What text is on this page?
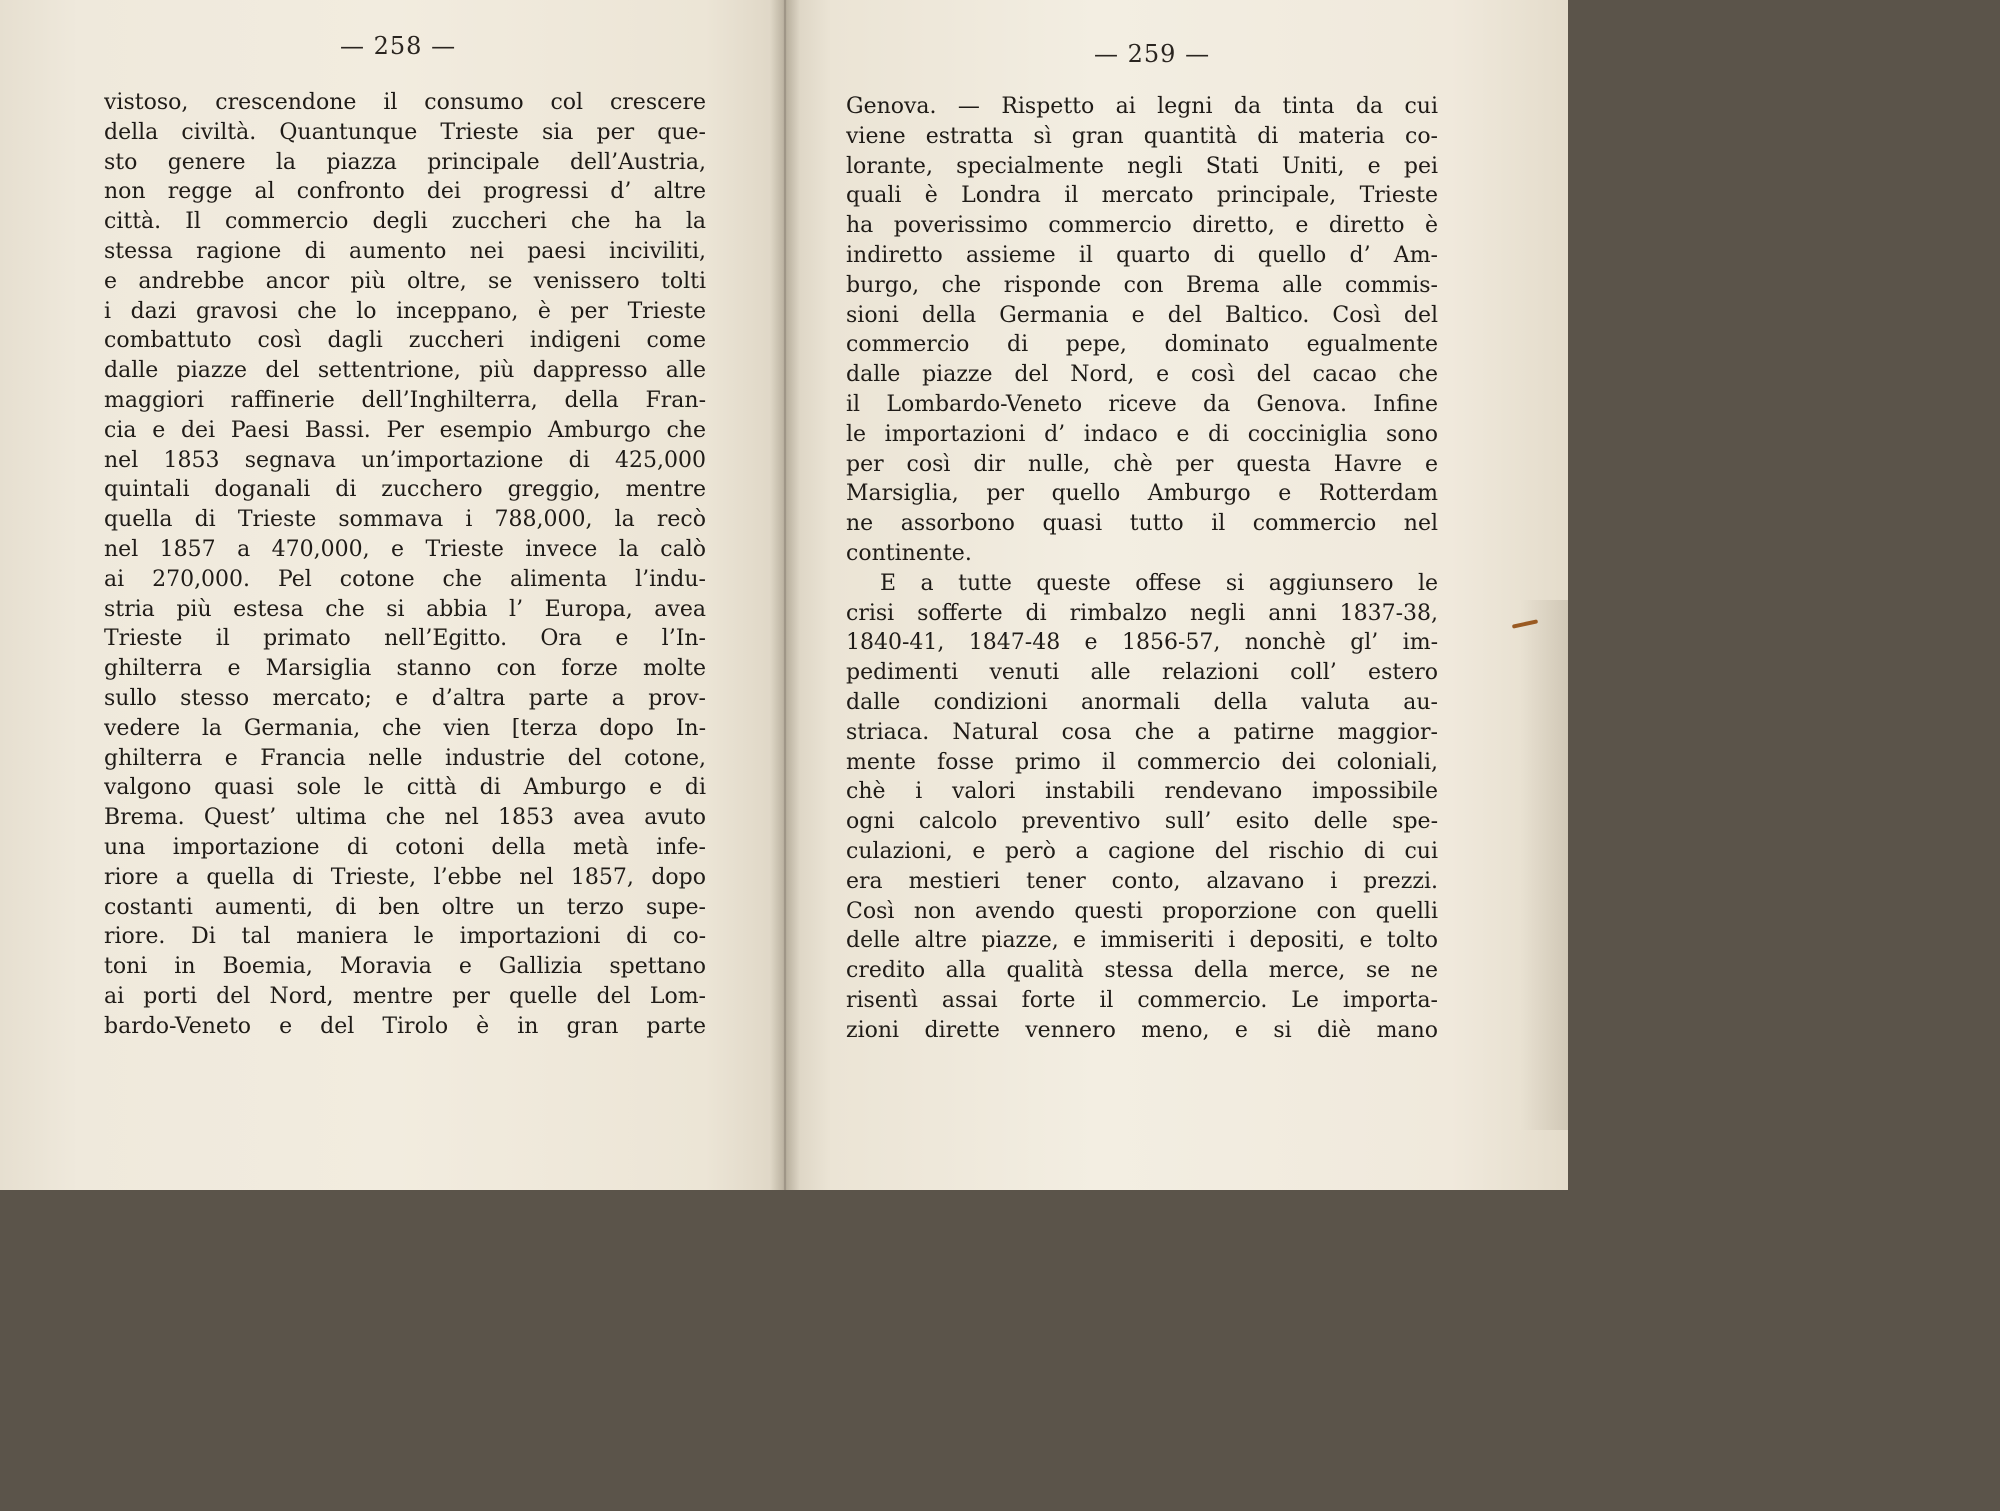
— 258 —
vistoso, crescendone il consumo col crescere
della civiltà. Quantunque Trieste sia per que-
sto genere la piazza principale dell’Austria,
non regge al confronto dei progressi d’ altre
città. Il commercio degli zuccheri che ha la
stessa ragione di aumento nei paesi inciviliti,
e andrebbe ancor più oltre, se venissero tolti
i dazi gravosi che lo inceppano, è per Trieste
combattuto così dagli zuccheri indigeni come
dalle piazze del settentrione, più dappresso alle
maggiori raffinerie dell’Inghilterra, della Fran-
cia e dei Paesi Bassi. Per esempio Amburgo che
nel 1853 segnava un’importazione di 425,000
quintali doganali di zucchero greggio, mentre
quella di Trieste sommava i 788,000, la recò
nel 1857 a 470,000, e Trieste invece la calò
ai 270,000. Pel cotone che alimenta l’indu-
stria più estesa che si abbia l’ Europa, avea
Trieste il primato nell’Egitto. Ora e l’In-
ghilterra e Marsiglia stanno con forze molte
sullo stesso mercato; e d’altra parte a prov-
vedere la Germania, che vien [terza dopo In-
ghilterra e Francia nelle industrie del cotone,
valgono quasi sole le città di Amburgo e di
Brema. Quest’ ultima che nel 1853 avea avuto
una importazione di cotoni della metà infe-
riore a quella di Trieste, l’ebbe nel 1857, dopo
costanti aumenti, di ben oltre un terzo supe-
riore. Di tal maniera le importazioni di co-
toni in Boemia, Moravia e Gallizia spettano
ai porti del Nord, mentre per quelle del Lom-
bardo-Veneto e del Tirolo è in gran parte
— 259 —
Genova. — Rispetto ai legni da tinta da cui
viene estratta sì gran quantità di materia co-
lorante, specialmente negli Stati Uniti, e pei
quali è Londra il mercato principale, Trieste
ha poverissimo commercio diretto, e diretto è
indiretto assieme il quarto di quello d’ Am-
burgo, che risponde con Brema alle commis-
sioni della Germania e del Baltico. Così del
commercio di pepe, dominato egualmente
dalle piazze del Nord, e così del cacao che
il Lombardo-Veneto riceve da Genova. Infine
le importazioni d’ indaco e di cocciniglia sono
per così dir nulle, chè per questa Havre e
Marsiglia, per quello Amburgo e Rotterdam
ne assorbono quasi tutto il commercio nel
continente.
E a tutte queste offese si aggiunsero le
crisi sofferte di rimbalzo negli anni 1837-38,
1840-41, 1847-48 e 1856-57, nonchè gl’ im-
pedimenti venuti alle relazioni coll’ estero
dalle condizioni anormali della valuta au-
striaca. Natural cosa che a patirne maggior-
mente fosse primo il commercio dei coloniali,
chè i valori instabili rendevano impossibile
ogni calcolo preventivo sull’ esito delle spe-
culazioni, e però a cagione del rischio di cui
era mestieri tener conto, alzavano i prezzi.
Così non avendo questi proporzione con quelli
delle altre piazze, e immiseriti i depositi, e tolto
credito alla qualità stessa della merce, se ne
risentì assai forte il commercio. Le importa-
zioni dirette vennero meno, e si diè mano
